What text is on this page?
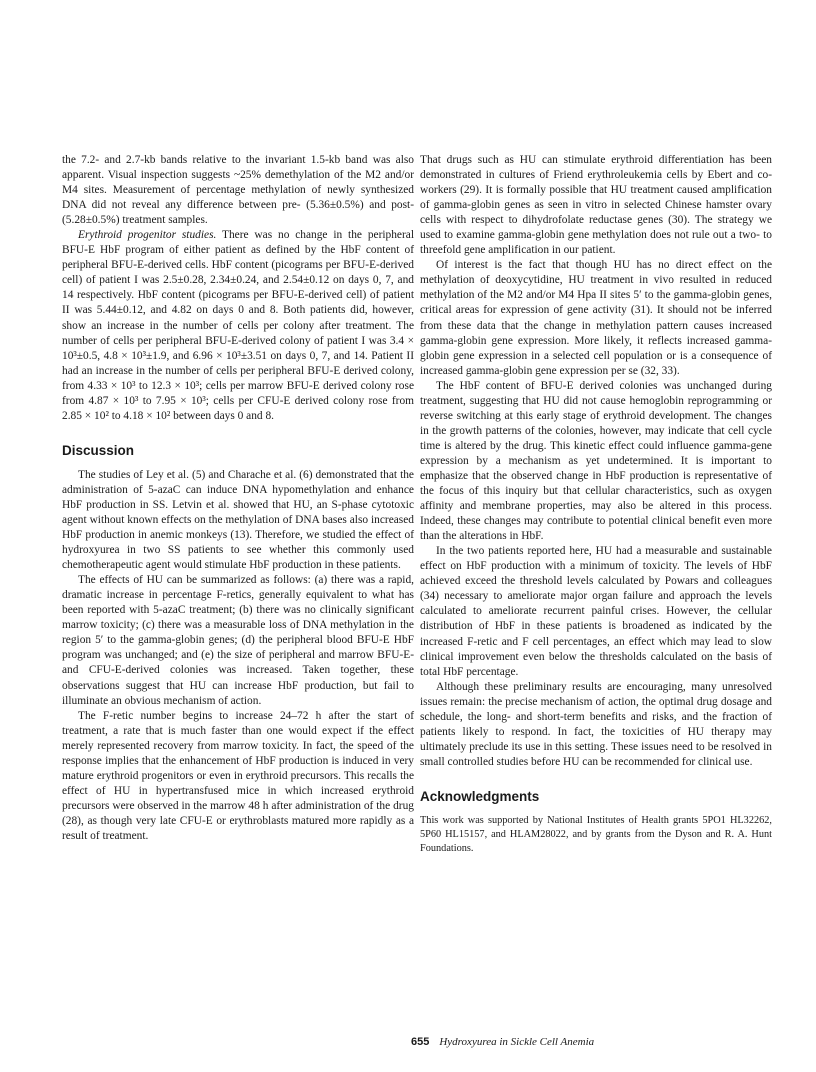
the 7.2- and 2.7-kb bands relative to the invariant 1.5-kb band was also apparent. Visual inspection suggests ~25% demethylation of the M2 and/or M4 sites. Measurement of percentage methylation of newly synthesized DNA did not reveal any difference between pre- (5.36±0.5%) and post- (5.28±0.5%) treatment samples.

Erythroid progenitor studies. There was no change in the peripheral BFU-E HbF program of either patient as defined by the HbF content of peripheral BFU-E-derived cells. HbF content (picograms per BFU-E-derived cell) of patient I was 2.5±0.28, 2.34±0.24, and 2.54±0.12 on days 0, 7, and 14 respectively. HbF content (picograms per BFU-E-derived cell) of patient II was 5.44±0.12, and 4.82 on days 0 and 8. Both patients did, however, show an increase in the number of cells per colony after treatment. The number of cells per peripheral BFU-E-derived colony of patient I was 3.4 × 10³±0.5, 4.8 × 10³±1.9, and 6.96 × 10³±3.51 on days 0, 7, and 14. Patient II had an increase in the number of cells per peripheral BFU-E derived colony, from 4.33 × 10³ to 12.3 × 10³; cells per marrow BFU-E derived colony rose from 4.87 × 10³ to 7.95 × 10³; cells per CFU-E derived colony rose from 2.85 × 10² to 4.18 × 10² between days 0 and 8.

Discussion

The studies of Ley et al. (5) and Charache et al. (6) demonstrated that the administration of 5-azaC can induce DNA hypomethylation and enhance HbF production in SS. Letvin et al. showed that HU, an S-phase cytotoxic agent without known effects on the methylation of DNA bases also increased HbF production in anemic monkeys (13). Therefore, we studied the effect of hydroxyurea in two SS patients to see whether this commonly used chemotherapeutic agent would stimulate HbF production in these patients.

The effects of HU can be summarized as follows: (a) there was a rapid, dramatic increase in percentage F-retics, generally equivalent to what has been reported with 5-azaC treatment; (b) there was no clinically significant marrow toxicity; (c) there was a measurable loss of DNA methylation in the region 5′ to the gamma-globin genes; (d) the peripheral blood BFU-E HbF program was unchanged; and (e) the size of peripheral and marrow BFU-E- and CFU-E-derived colonies was increased. Taken together, these observations suggest that HU can increase HbF production, but fail to illuminate an obvious mechanism of action.

The F-retic number begins to increase 24–72 h after the start of treatment, a rate that is much faster than one would expect if the effect merely represented recovery from marrow toxicity. In fact, the speed of the response implies that the enhancement of HbF production is induced in very mature erythroid progenitors or even in erythroid precursors. This recalls the effect of HU in hypertransfused mice in which increased erythroid precursors were observed in the marrow 48 h after administration of the drug (28), as though very late CFU-E or erythroblasts matured more rapidly as a result of treatment.

That drugs such as HU can stimulate erythroid differentiation has been demonstrated in cultures of Friend erythroleukemia cells by Ebert and co-workers (29). It is formally possible that HU treatment caused amplification of gamma-globin genes as seen in vitro in selected Chinese hamster ovary cells with respect to dihydrofolate reductase genes (30). The strategy we used to examine gamma-globin gene methylation does not rule out a two- to threefold gene amplification in our patient.

Of interest is the fact that though HU has no direct effect on the methylation of deoxycytidine, HU treatment in vivo resulted in reduced methylation of the M2 and/or M4 Hpa II sites 5′ to the gamma-globin genes, critical areas for expression of gene activity (31). It should not be inferred from these data that the change in methylation pattern causes increased gamma-globin gene expression. More likely, it reflects increased gamma-globin gene expression in a selected cell population or is a consequence of increased gamma-globin gene expression per se (32, 33).

The HbF content of BFU-E derived colonies was unchanged during treatment, suggesting that HU did not cause hemoglobin reprogramming or reverse switching at this early stage of erythroid development. The changes in the growth patterns of the colonies, however, may indicate that cell cycle time is altered by the drug. This kinetic effect could influence gamma-gene expression by a mechanism as yet undetermined. It is important to emphasize that the observed change in HbF production is representative of the focus of this inquiry but that cellular characteristics, such as oxygen affinity and membrane properties, may also be altered in this process. Indeed, these changes may contribute to potential clinical benefit even more than the alterations in HbF.

In the two patients reported here, HU had a measurable and sustainable effect on HbF production with a minimum of toxicity. The levels of HbF achieved exceed the threshold levels calculated by Powars and colleagues (34) necessary to ameliorate major organ failure and approach the levels calculated to ameliorate recurrent painful crises. However, the cellular distribution of HbF in these patients is broadened as indicated by the increased F-retic and F cell percentages, an effect which may lead to slow clinical improvement even below the thresholds calculated on the basis of total HbF percentage.

Although these preliminary results are encouraging, many unresolved issues remain: the precise mechanism of action, the optimal drug dosage and schedule, the long- and short-term benefits and risks, and the fraction of patients likely to respond. In fact, the toxicities of HU therapy may ultimately preclude its use in this setting. These issues need to be resolved in small controlled studies before HU can be recommended for clinical use.

Acknowledgments

This work was supported by National Institutes of Health grants 5PO1 HL32262, 5P60 HL15157, and HLAM28022, and by grants from the Dyson and R. A. Hunt Foundations.

655 Hydroxyurea in Sickle Cell Anemia
